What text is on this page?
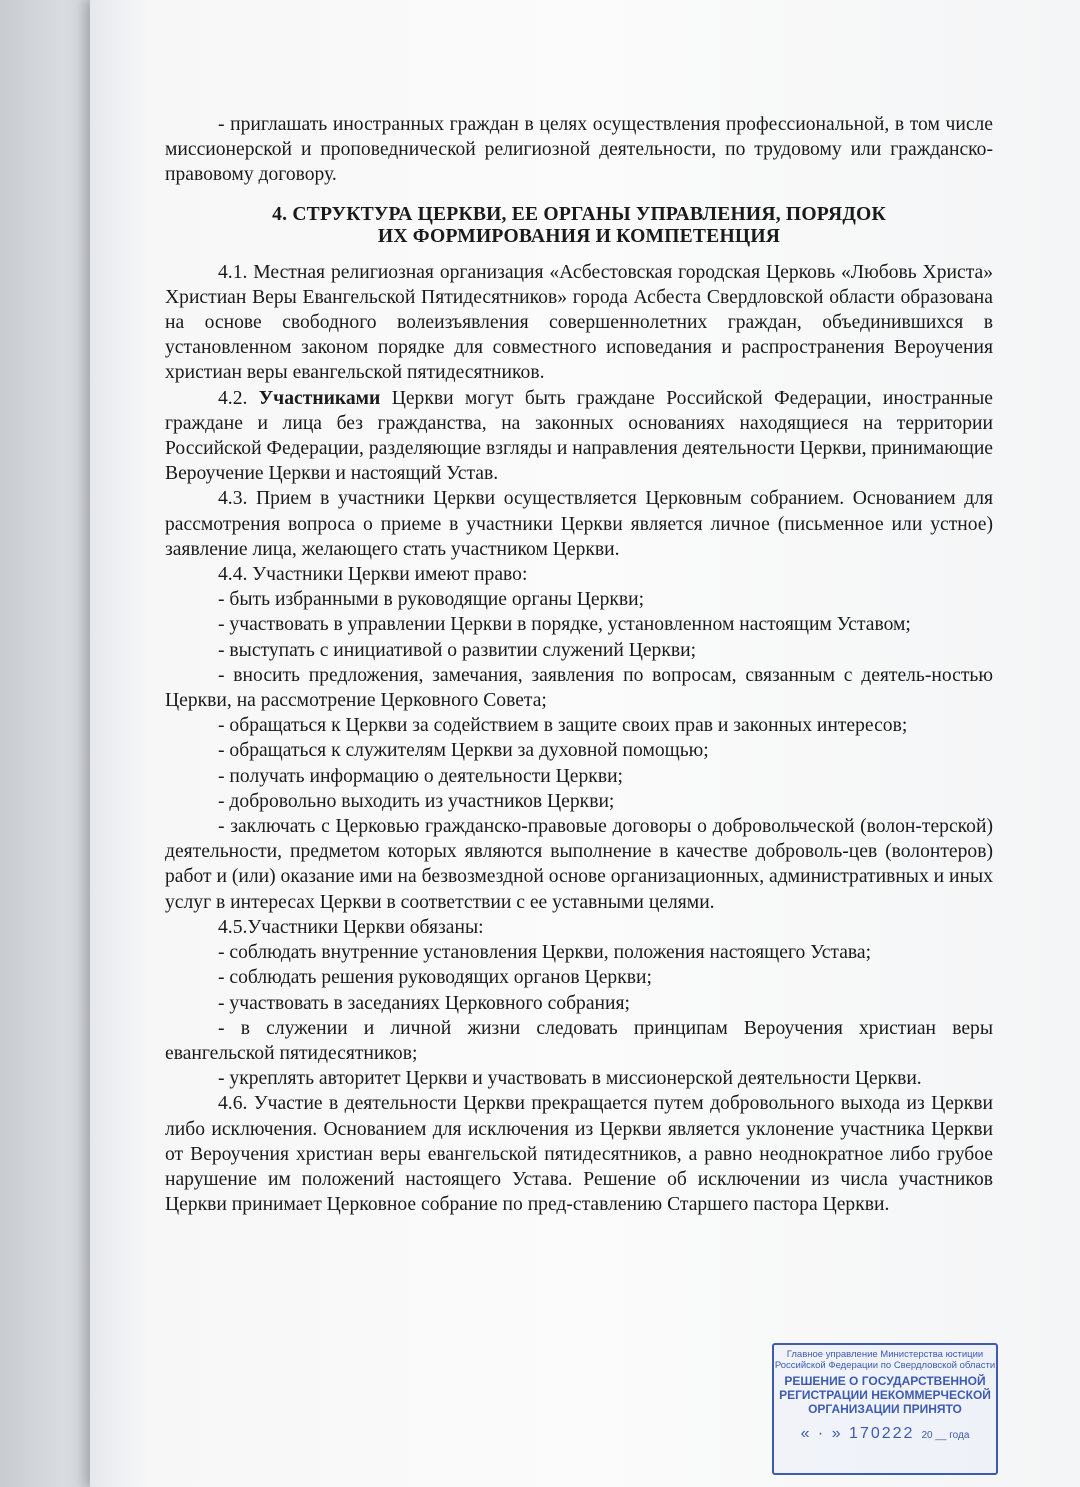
- приглашать иностранных граждан в целях осуществления профессиональной, в том числе миссионерской и проповеднической религиозной деятельности, по трудовому или гражданско-правовому договору.

4. СТРУКТУРА ЦЕРКВИ, ЕЕ ОРГАНЫ УПРАВЛЕНИЯ, ПОРЯДОК
ИХ ФОРМИРОВАНИЯ И КОМПЕТЕНЦИЯ

4.1. Местная религиозная организация «Асбестовская городская Церковь «Любовь Христа» Христиан Веры Евангельской Пятидесятников» города Асбеста Свердловской области образована на основе свободного волеизъявления совершеннолетних граждан, объединившихся в установленном законом порядке для совместного исповедания и распространения Вероучения христиан веры евангельской пятидесятников.

4.2. Участниками Церкви могут быть граждане Российской Федерации, иностранные граждане и лица без гражданства, на законных основаниях находящиеся на территории Российской Федерации, разделяющие взгляды и направления деятельности Церкви, принимающие Вероучение Церкви и настоящий Устав.

4.3. Прием в участники Церкви осуществляется Церковным собранием. Основанием для рассмотрения вопроса о приеме в участники Церкви является личное (письменное или устное) заявление лица, желающего стать участником Церкви.

4.4. Участники Церкви имеют право:

- быть избранными в руководящие органы Церкви;

- участвовать в управлении Церкви в порядке, установленном настоящим Уставом;

- выступать с инициативой о развитии служений Церкви;

- вносить предложения, замечания, заявления по вопросам, связанным с деятель-ностью Церкви, на рассмотрение Церковного Совета;

- обращаться к Церкви за содействием в защите своих прав и законных интересов;

- обращаться к служителям Церкви за духовной помощью;

- получать информацию о деятельности Церкви;

- добровольно выходить из участников Церкви;

- заключать с Церковью гражданско-правовые договоры о добровольческой (волон-терской) деятельности, предметом которых являются выполнение в качестве доброволь-цев (волонтеров) работ и (или) оказание ими на безвозмездной основе организационных, административных и иных услуг в интересах Церкви в соответствии с ее уставными целями.

4.5.Участники Церкви обязаны:

- соблюдать внутренние установления Церкви, положения настоящего Устава;

- соблюдать решения руководящих органов Церкви;

- участвовать в заседаниях Церковного собрания;

- в служении и личной жизни следовать принципам Вероучения христиан веры евангельской пятидесятников;

- укреплять авторитет Церкви и участвовать в миссионерской деятельности Церкви.

4.6. Участие в деятельности Церкви прекращается путем добровольного выхода из Церкви либо исключения. Основанием для исключения из Церкви является уклонение участника Церкви от Вероучения христиан веры евангельской пятидесятников, а равно неоднократное либо грубое нарушение им положений настоящего Устава. Решение об исключении из числа участников Церкви принимает Церковное собрание по пред-ставлению Старшего пастора Церкви.

Главное управление Министерства юстиции Российской Федерации по Свердловской области
РЕШЕНИЕ О ГОСУДАРСТВЕННОЙ РЕГИСТРАЦИИ НЕКОММЕРЧЕСКОЙ ОРГАНИЗАЦИИ ПРИНЯТО
« · » 170222 20 __ года
